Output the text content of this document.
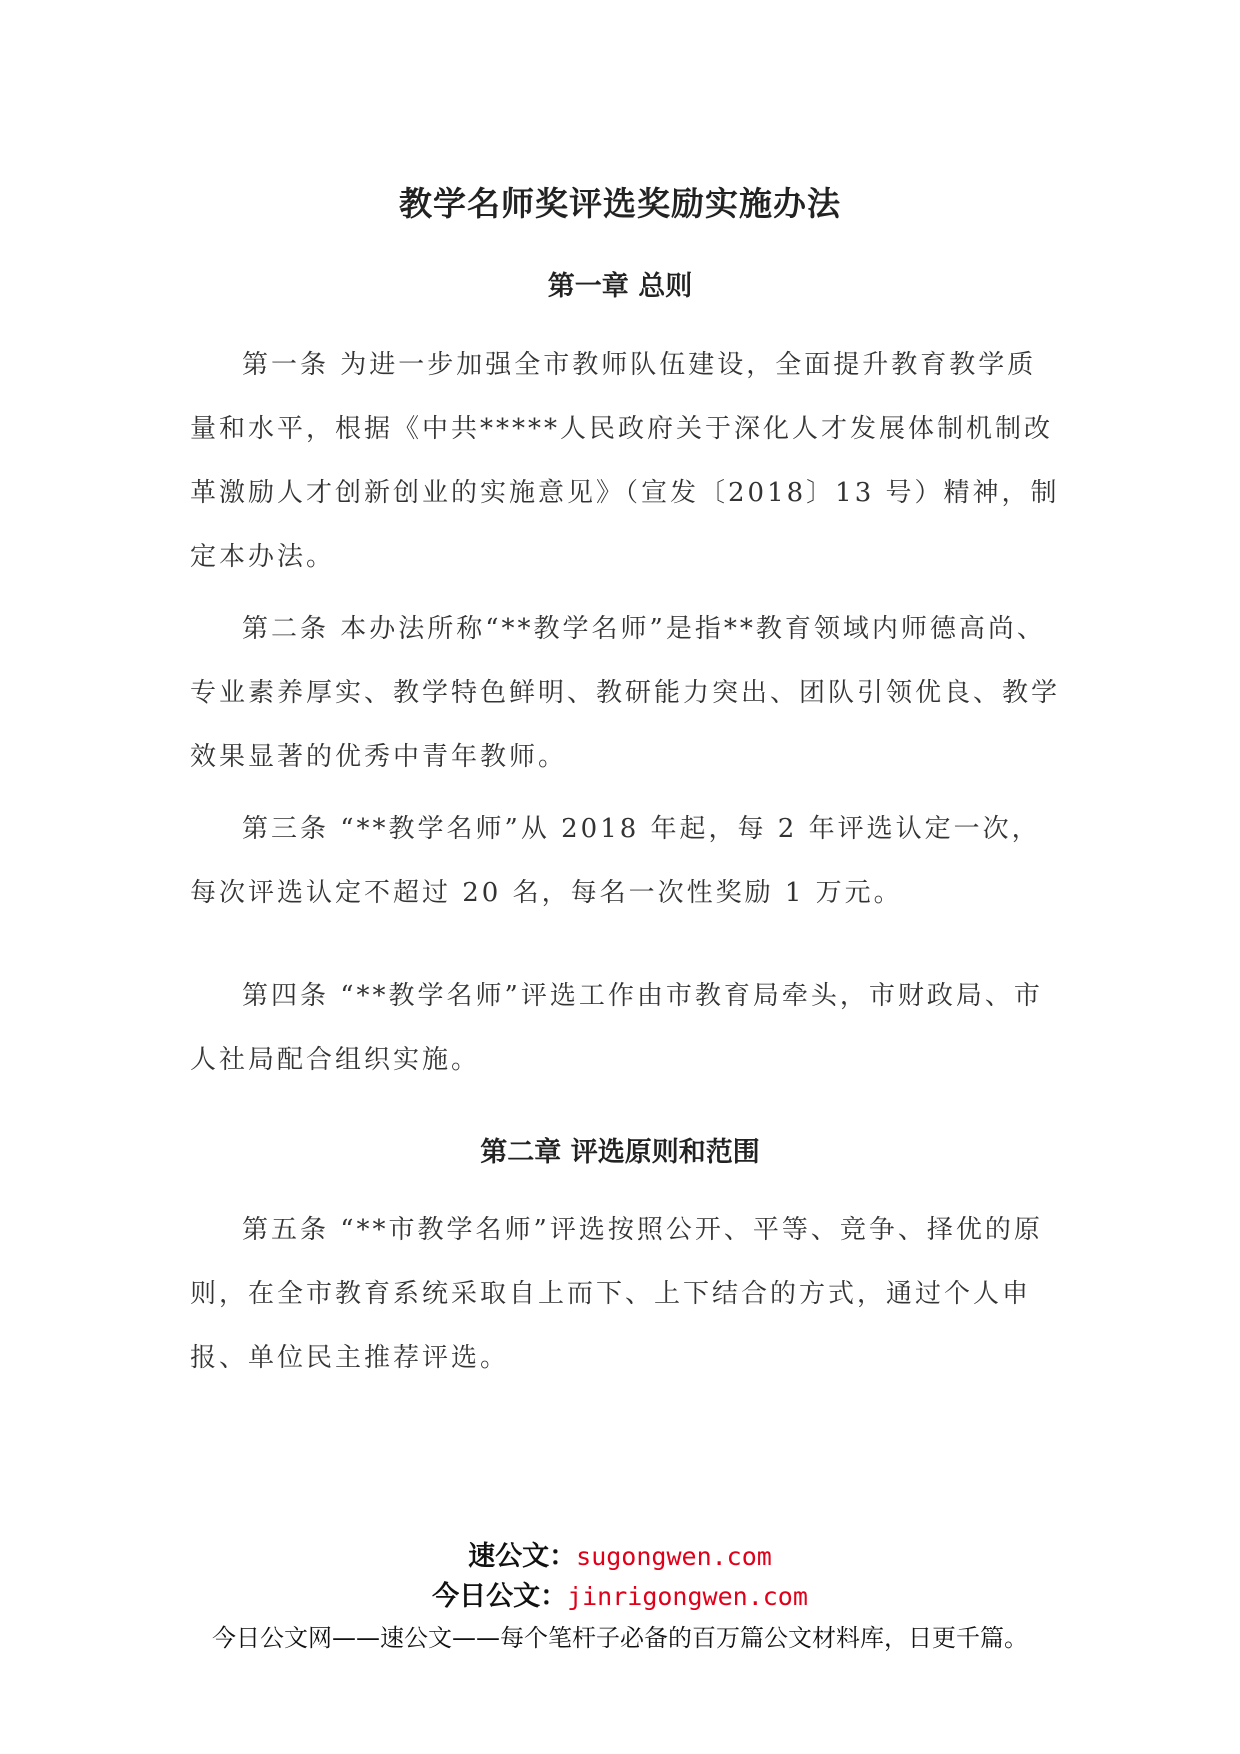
教学名师奖评选奖励实施办法
第一章 总则

第一条 为进一步加强全市教师队伍建设，全面提升教育教学质量和水平，根据《中共*****人民政府关于深化人才发展体制机制改革激励人才创新创业的实施意见》（宣发〔2018〕13 号）精神，制定本办法。

第二条 本办法所称“**教学名师”是指**教育领域内师德高尚、专业素养厚实、教学特色鲜明、教研能力突出、团队引领优良、教学效果显著的优秀中青年教师。

第三条 “**教学名师”从 2018 年起，每 2 年评选认定一次，每次评选认定不超过 20 名，每名一次性奖励 1 万元。

第四条 “**教学名师”评选工作由市教育局牵头，市财政局、市人社局配合组织实施。

第二章 评选原则和范围

第五条 “**市教学名师”评选按照公开、平等、竞争、择优的原则，在全市教育系统采取自上而下、上下结合的方式，通过个人申报、单位民主推荐评选。

速公文：sugongwen.com
今日公文：jinrigongwen.com
今日公文网——速公文——每个笔杆子必备的百万篇公文材料库，日更千篇。
